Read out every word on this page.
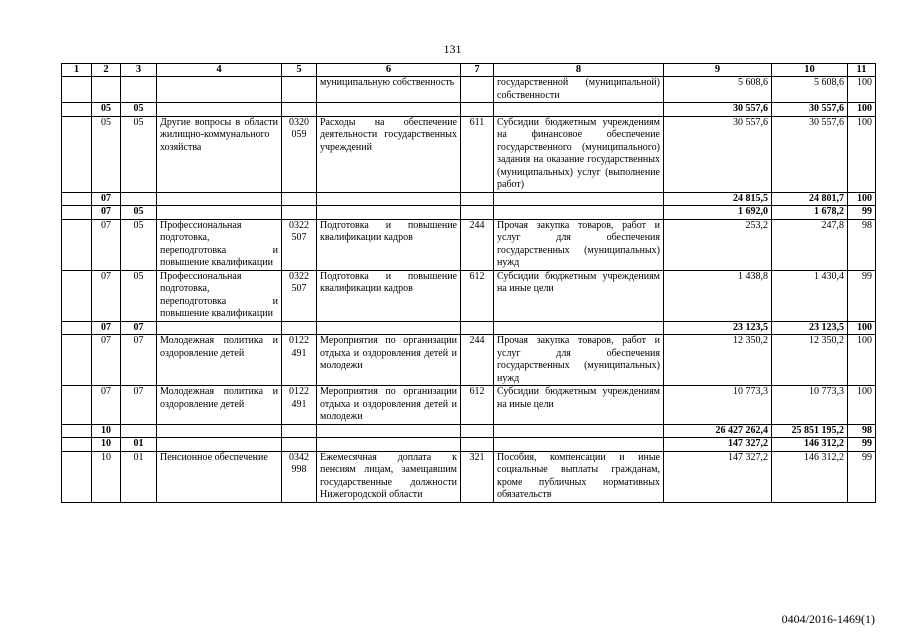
131
1	2	3	4	5	6	7	8	9	10	11
					муниципальную собственность		государственной (муниципальной) собственности	5 608,6	5 608,6	100
	05	05						30 557,6	30 557,6	100
	05	05	Другие вопросы в области жилищно-коммунального хозяйства	0320 059	Расходы на обеспечение деятельности государственных учреждений	611	Субсидии бюджетным учреждениям на финансовое обеспечение государственного (муниципального) задания на оказание государственных (муниципальных) услуг (выполнение работ)	30 557,6	30 557,6	100
	07							24 815,5	24 801,7	100
	07	05						1 692,0	1 678,2	99
	07	05	Профессиональная подготовка, переподготовка и повышение квалификации	0322 507	Подготовка и повышение квалификации кадров	244	Прочая закупка товаров, работ и услуг для обеспечения государственных (муниципальных) нужд	253,2	247,8	98
	07	05	Профессиональная подготовка, переподготовка и повышение квалификации	0322 507	Подготовка и повышение квалификации кадров	612	Субсидии бюджетным учреждениям на иные цели	1 438,8	1 430,4	99
	07	07						23 123,5	23 123,5	100
	07	07	Молодежная политика и оздоровление детей	0122 491	Мероприятия по организации отдыха и оздоровления детей и молодежи	244	Прочая закупка товаров, работ и услуг для обеспечения государственных (муниципальных) нужд	12 350,2	12 350,2	100
	07	07	Молодежная политика и оздоровление детей	0122 491	Мероприятия по организации отдыха и оздоровления детей и молодежи	612	Субсидии бюджетным учреждениям на иные цели	10 773,3	10 773,3	100
	10							26 427 262,4	25 851 195,2	98
	10	01						147 327,2	146 312,2	99
	10	01	Пенсионное обеспечение	0342 998	Ежемесячная доплата к пенсиям лицам, замещавшим государственные должности Нижегородской области	321	Пособия, компенсации и иные социальные выплаты гражданам, кроме публичных нормативных обязательств	147 327,2	146 312,2	99
0404/2016-1469(1)
